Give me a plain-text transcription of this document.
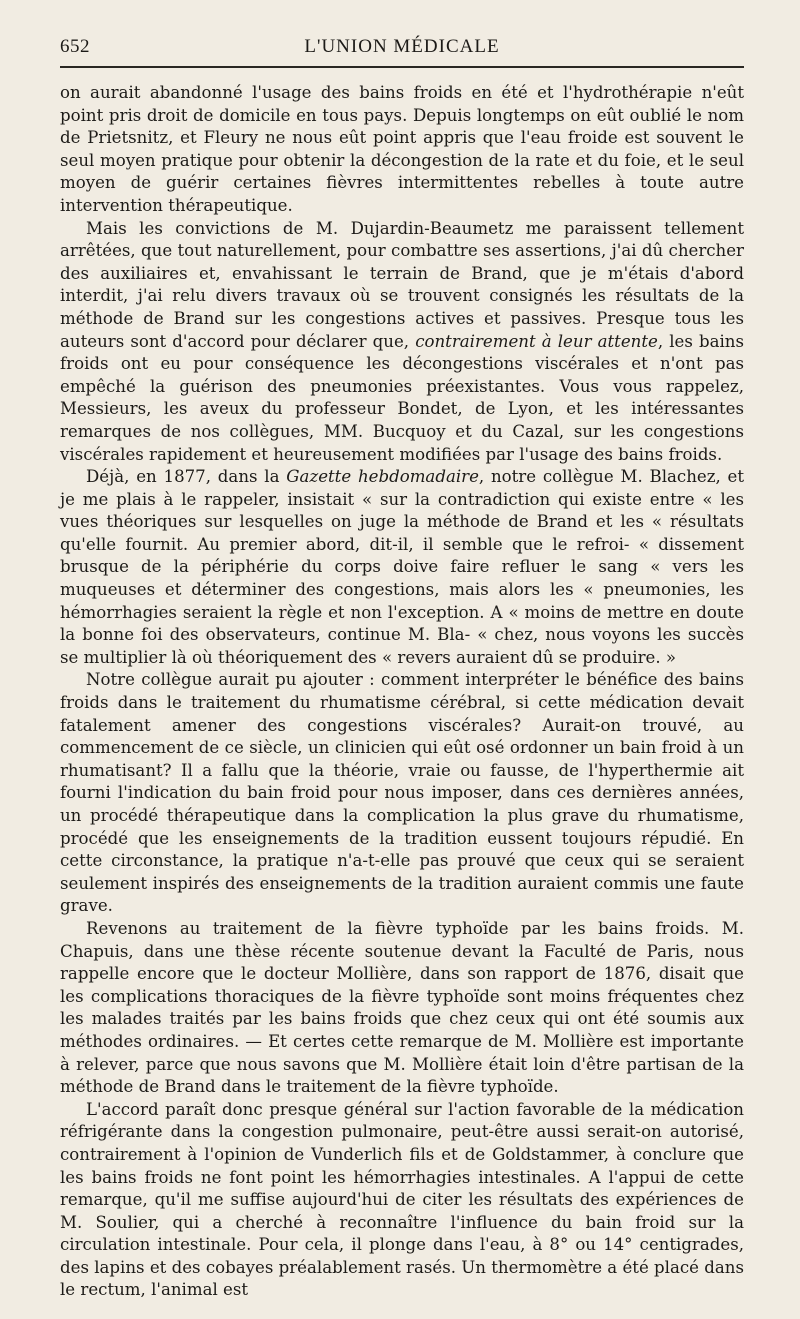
652	L'UNION MÉDICALE

on aurait abandonné l'usage des bains froids en été et l'hydrothérapie n'eût point pris droit de domicile en tous pays. Depuis longtemps on eût oublié le nom de Prietsnitz, et Fleury ne nous eût point appris que l'eau froide est souvent le seul moyen pratique pour obtenir la décongestion de la rate et du foie, et le seul moyen de guérir certaines fièvres intermittentes rebelles à toute autre intervention thérapeutique.

Mais les convictions de M. Dujardin-Beaumetz me paraissent tellement arrêtées, que tout naturellement, pour combattre ses assertions, j'ai dû chercher des auxiliaires et, envahissant le terrain de Brand, que je m'étais d'abord interdit, j'ai relu divers travaux où se trouvent consignés les résultats de la méthode de Brand sur les congestions actives et passives. Presque tous les auteurs sont d'accord pour déclarer que, contrairement à leur attente, les bains froids ont eu pour conséquence les décongestions viscérales et n'ont pas empêché la guérison des pneumonies préexistantes. Vous vous rappelez, Messieurs, les aveux du professeur Bondet, de Lyon, et les intéressantes remarques de nos collègues, MM. Bucquoy et du Cazal, sur les congestions viscérales rapidement et heureusement modifiées par l'usage des bains froids.

Déjà, en 1877, dans la Gazette hebdomadaire, notre collègue M. Blachez, et je me plais à le rappeler, insistait « sur la contradiction qui existe entre « les vues théoriques sur lesquelles on juge la méthode de Brand et les « résultats qu'elle fournit. Au premier abord, dit-il, il semble que le refroi- « dissement brusque de la périphérie du corps doive faire refluer le sang « vers les muqueuses et déterminer des congestions, mais alors les « pneumonies, les hémorrhagies seraient la règle et non l'exception. A « moins de mettre en doute la bonne foi des observateurs, continue M. Bla- « chez, nous voyons les succès se multiplier là où théoriquement des « revers auraient dû se produire. »

Notre collègue aurait pu ajouter : comment interpréter le bénéfice des bains froids dans le traitement du rhumatisme cérébral, si cette médication devait fatalement amener des congestions viscérales? Aurait-on trouvé, au commencement de ce siècle, un clinicien qui eût osé ordonner un bain froid à un rhumatisant? Il a fallu que la théorie, vraie ou fausse, de l'hyperthermie ait fourni l'indication du bain froid pour nous imposer, dans ces dernières années, un procédé thérapeutique dans la complication la plus grave du rhumatisme, procédé que les enseignements de la tradition eussent toujours répudié. En cette circonstance, la pratique n'a-t-elle pas prouvé que ceux qui se seraient seulement inspirés des enseignements de la tradition auraient commis une faute grave.

Revenons au traitement de la fièvre typhoïde par les bains froids. M. Chapuis, dans une thèse récente soutenue devant la Faculté de Paris, nous rappelle encore que le docteur Mollière, dans son rapport de 1876, disait que les complications thoraciques de la fièvre typhoïde sont moins fréquentes chez les malades traités par les bains froids que chez ceux qui ont été soumis aux méthodes ordinaires. — Et certes cette remarque de M. Mollière est importante à relever, parce que nous savons que M. Mollière était loin d'être partisan de la méthode de Brand dans le traitement de la fièvre typhoïde.

L'accord paraît donc presque général sur l'action favorable de la médication réfrigérante dans la congestion pulmonaire, peut-être aussi serait-on autorisé, contrairement à l'opinion de Vunderlich fils et de Goldstammer, à conclure que les bains froids ne font point les hémorrhagies intestinales. A l'appui de cette remarque, qu'il me suffise aujourd'hui de citer les résultats des expériences de M. Soulier, qui a cherché à reconnaître l'influence du bain froid sur la circulation intestinale. Pour cela, il plonge dans l'eau, à 8° ou 14° centigrades, des lapins et des cobayes préalablement rasés. Un thermomètre a été placé dans le rectum, l'animal est
